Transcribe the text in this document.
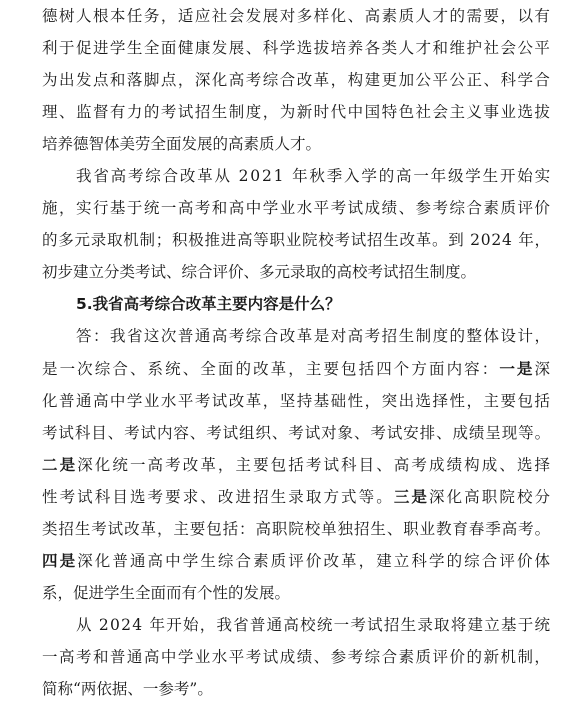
德树人根本任务，适应社会发展对多样化、高素质人才的需要，以有
利于促进学生全面健康发展、科学选拔培养各类人才和维护社会公平
为出发点和落脚点，深化高考综合改革，构建更加公平公正、科学合
理、监督有力的考试招生制度，为新时代中国特色社会主义事业选拔
培养德智体美劳全面发展的高素质人才。
我省高考综合改革从 2021 年秋季入学的高一年级学生开始实
施，实行基于统一高考和高中学业水平考试成绩、参考综合素质评价
的多元录取机制；积极推进高等职业院校考试招生改革。到 2024 年，
初步建立分类考试、综合评价、多元录取的高校考试招生制度。
5.我省高考综合改革主要内容是什么？
答：我省这次普通高考综合改革是对高考招生制度的整体设计，
是一次综合、系统、全面的改革，主要包括四个方面内容：一是深
化普通高中学业水平考试改革，坚持基础性，突出选择性，主要包括
考试科目、考试内容、考试组织、考试对象、考试安排、成绩呈现等。
二是深化统一高考改革，主要包括考试科目、高考成绩构成、选择
性考试科目选考要求、改进招生录取方式等。三是深化高职院校分
类招生考试改革，主要包括：高职院校单独招生、职业教育春季高考。
四是深化普通高中学生综合素质评价改革，建立科学的综合评价体
系，促进学生全面而有个性的发展。
从 2024 年开始，我省普通高校统一考试招生录取将建立基于统
一高考和普通高中学业水平考试成绩、参考综合素质评价的新机制，
简称“两依据、一参考”。
